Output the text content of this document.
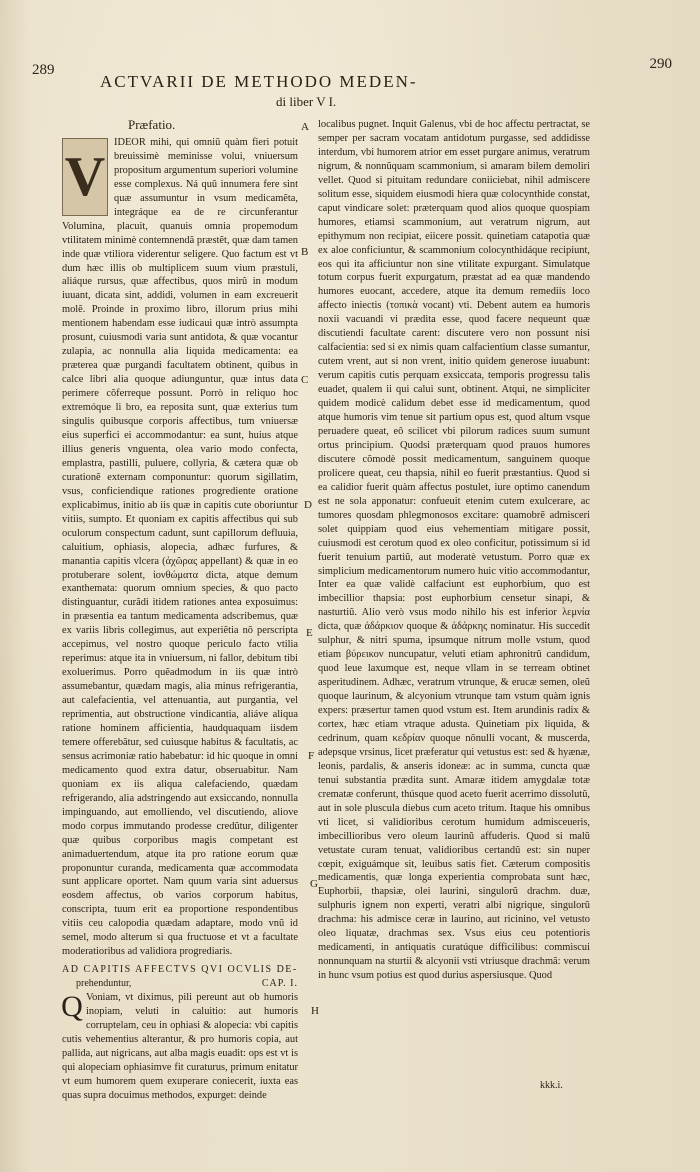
289
ACTVARII DE METHODO MEDEN-
di liber V I.
290

Præfatio.

V

IDEOR mihi, qui omniũ quàm fieri potuit breuissimè meminisse volui, vniuersum propositum argumentum superiori volumine esse complexus. Ná quũ innumera fere sint quæ assumuntur in vsum medicamẽta, integráque ea de re circunferantur Volumina, placuit, quanuis omnia propemodum vtilitatem minimè contemnendã præstẽt, quæ dam tamen inde quæ vtiliora viderentur seligere. Quo factum est vt dum hæc illis ob multiplicem suum vium præstuli, aliáque rursus, quæ affectibus, quos mirũ in modum iuuant, dicata sint, addidi, volumen in eam excreuerit molẽ. Proinde in proximo libro, illorum prius mihi mentionem habendam esse iudicaui quæ intrò assumpta prosunt, cuiusmodi varia sunt antidota, & quæ vocantur zulapia, ac nonnulla alia liquida medicamenta: ea præterea quæ purgandi facultatem obtinent, quibus in calce libri alia quoque adiunguntur, quæ intus data perimere cõferreque possunt. Porrò in reliquo hoc extremóque li bro, ea reposita sunt, quæ exterius tum singulis quibusque corporis affectibus, tum vniuersæ eius superfici ei accommodantur: ea sunt, huius atque illius generis vnguenta, olea vario modo confecta, emplastra, pastilli, puluere, collyria, & cætera quæ ob curationẽ externam componuntur: quorum sigillatim, vsus, conficiendique rationes progrediente oratione explicabimus, initio ab iis quæ in capitis cute oboriuntur vitiis, sumpto. Et quoniam ex capitis affectibus qui sub oculorum conspectum cadunt, sunt capillorum defluuia, caluitium, ophiasis, alopecia, adhæc furfures, & manantia capitis vlcera (ἀχῶρας appellant) & quæ in eo protuberare solent, ἰονθώματα dicta, atque demum exanthemata: quorum omnium species, & quo pacto distinguantur, curãdi itidem rationes antea exposuimus: in præsentia ea tantum medicamenta adscribemus, quæ ex variis libris collegimus, aut experiẽtia nõ perscripta accepimus, vel nostro quoque periculo facto vtilia reperimus: atque ita in vniuersum, ni fallor, debitum tibi exoluerimus. Porro quẽadmodum in iis quæ intrò assumebantur, quædam magis, alia minus refrigerantia, aut calefacientia, vel attenuantia, aut purgantia, vel reprimentia, aut obstructione vindicantia, aliáve aliqua ratione hominem afficientia, haudquaquam iisdem temere offerebãtur, sed cuiusque habitus & facultatis, ac sensus acrimoniæ ratio habebatur: id hic quoque in omni medicamento quod extra datur, obseruabitur. Nam quoniam ex iis aliqua calefaciendo, quædam refrigerando, alia adstringendo aut exsiccando, nonnulla impinguando, aut emolliendo, vel discutiendo, aliove modo corpus immutando prodesse credũtur, diligenter quæ quibus corporibus magis competant est animaduertendum, atque ita pro ratione eorum quæ proponuntur curanda, medicamenta quæ accommodata sunt applicare oportet. Nam quum varia sint aduersus eosdem affectus, ob varios corporum habitus, conscripta, tuum erit ea proportione respondentibus vitiis ceu calopodia quædam adaptare, modo vnũ id semel, modo alterum si qua fructuose et vt a facultate moderatioribus ad validiora progrediaris.

AD CAPITIS AFFECTVS QVI OCVLIS DE-

prehenduntur,	CAP. I.

Q Voniam, vt diximus, pili pereunt aut ob humoris inopiam, veluti in caluitio: aut humoris corruptelam, ceu in ophiasi & alopecia: vbi capitis cutis vehementius alterantur, & pro humoris copia, aut pallida, aut nigricans, aut alba magis euadit: ops est vt is qui alopeciam ophiasimve fit curaturus, primum enitatur vt eum humorem quem exuperare coniecerit, iuxta eas quas supra docuimus methodos, expurget: deinde

A
B
C
D
E
F
G
H

localibus pugnet. Inquit Galenus, vbi de hoc affectu pertractat, se semper per sacram vocatam antidotum purgasse, sed addidisse interdum, vbi humorem atrior em esset purgare animus, veratrum nigrum, & nonnũquam scammonium, si amaram bilem demoliri vellet. Quod si pituitam redundare coniiciebat, nihil admiscere solitum esse, siquidem eiusmodi hiera quæ colocynthide constat, caput vindicare solet: præterquam quod alios quoque quospiam humores, etiamsi scammonium, aut veratrum nigrum, aut epithymum non recipiat, eiicere possit. quinetiam catapotia quæ ex aloe conficiuntur, & scammonium colocynthidáque recipiunt, eos qui ita afficiuntur non sine vtilitate expurgant. Simulatque totum corpus fuerit expurgatum, præstat ad ea quæ mandendo humores euocant, accedere, atque ita demum remediis loco affecto iniectis (τοπικὰ vocant) vti. Debent autem ea humoris noxii vacuandi vi prædita esse, quod facere nequeunt quæ discutiendi facultate carent: discutere vero non possunt nisi calfacientia: sed si ex nimis quam calfacientium classe sumantur, cutem vrent, aut si non vrent, initio quidem generose iuuabunt: verum capitis cutis perquam exsiccata, temporis progressu talis euadet, qualem ii qui calui sunt, obtinent. Atqui, ne simpliciter quidem modicè calidum debet esse id medicamentum, quod atque humoris vim tenue sit partium opus est, quod altum vsque peruadere queat, eô scilicet vbi pilorum radices suum sumunt ortus principium. Quodsi præterquam quod prauos humores discutere cõmodè possit medicamentum, sanguinem quoque prolicere queat, ceu thapsia, nihil eo fuerit præstantius. Quod si ea calidior fuerit quàm affectus postulet, iure optimo canendum est ne sola apponatur: confueuit etenim cutem exulcerare, ac tumores quosdam phlegmonosos excitare: quamobrẽ admisceri solet quippiam quod eius vehementiam mitigare possit, cuiusmodi est cerotum quod ex oleo conficitur, potissimum si id fuerit tenuium partiũ, aut moderatè vetustum. Porro quæ ex simplicium medicamentorum numero huic vitio accommodantur, Inter ea quæ validè calfaciunt est euphorbium, quo est imbecillior thapsia: post euphorbium censetur sinapi, & nasturtiũ. Alio verò vsus modo nihilo his est inferior λεμνία dicta, quæ ἀδάρκιον quoque & ἀδάρκης nominatur. His succedit sulphur, & nitri spuma, ipsumque nitrum molle vstum, quod etiam βύρεικον nuncupatur, veluti etiam aphronitrũ candidum, quod leue laxumque est, neque vllam in se terream obtinet asperitudinem. Adhæc, veratrum vtrunque, & erucæ semen, oleũ quoque laurinum, & alcyonium vtrunque tam vstum quàm ignis expers: præsertur tamen quod vstum est. Item arundinis radix & cortex, hæc etiam vtraque adusta. Quinetiam pix liquida, & cedrinum, quam κεδρίαν quoque nõnulli vocant, & muscerda, adepsque vrsinus, licet præferatur qui vetustus est: sed & hyænæ, leonis, pardalis, & anseris idoneæ: ac in summa, cuncta quæ tenui substantia prædita sunt. Amaræ itidem amygdalæ totæ crematæ conferunt, thúsque quod aceto fuerit acerrimo dissolutũ, aut in sole pluscula diebus cum aceto tritum. Itaque his omnibus vti licet, si validioribus cerotum humidum admisceueris, imbecillioribus vero oleum laurinũ affuderis. Quod si malũ vetustate curam tenuat, validioribus certandũ est: sin nuper cœpit, exiguámque sit, leuibus satis fiet. Cæterum compositis medicamentis, quæ longa experientia comprobata sunt hæc, Euphorbii, thapsiæ, olei laurini, singulorũ drachm. duæ, sulphuris ignem non experti, veratri albi nigrique, singulorũ drachma: his admisce ceræ in laurino, aut ricinino, vel vetusto oleo liquatæ, drachmas sex. Vsus eius ceu potentioris medicamenti, in antiquatis curatúque difficilibus: commiscui nonnunquam na sturtii & alcyonii vsti vtriusque drachmã: verum in hunc vsum potius est quod durius aspersiusque. Quod

kkk.i.
